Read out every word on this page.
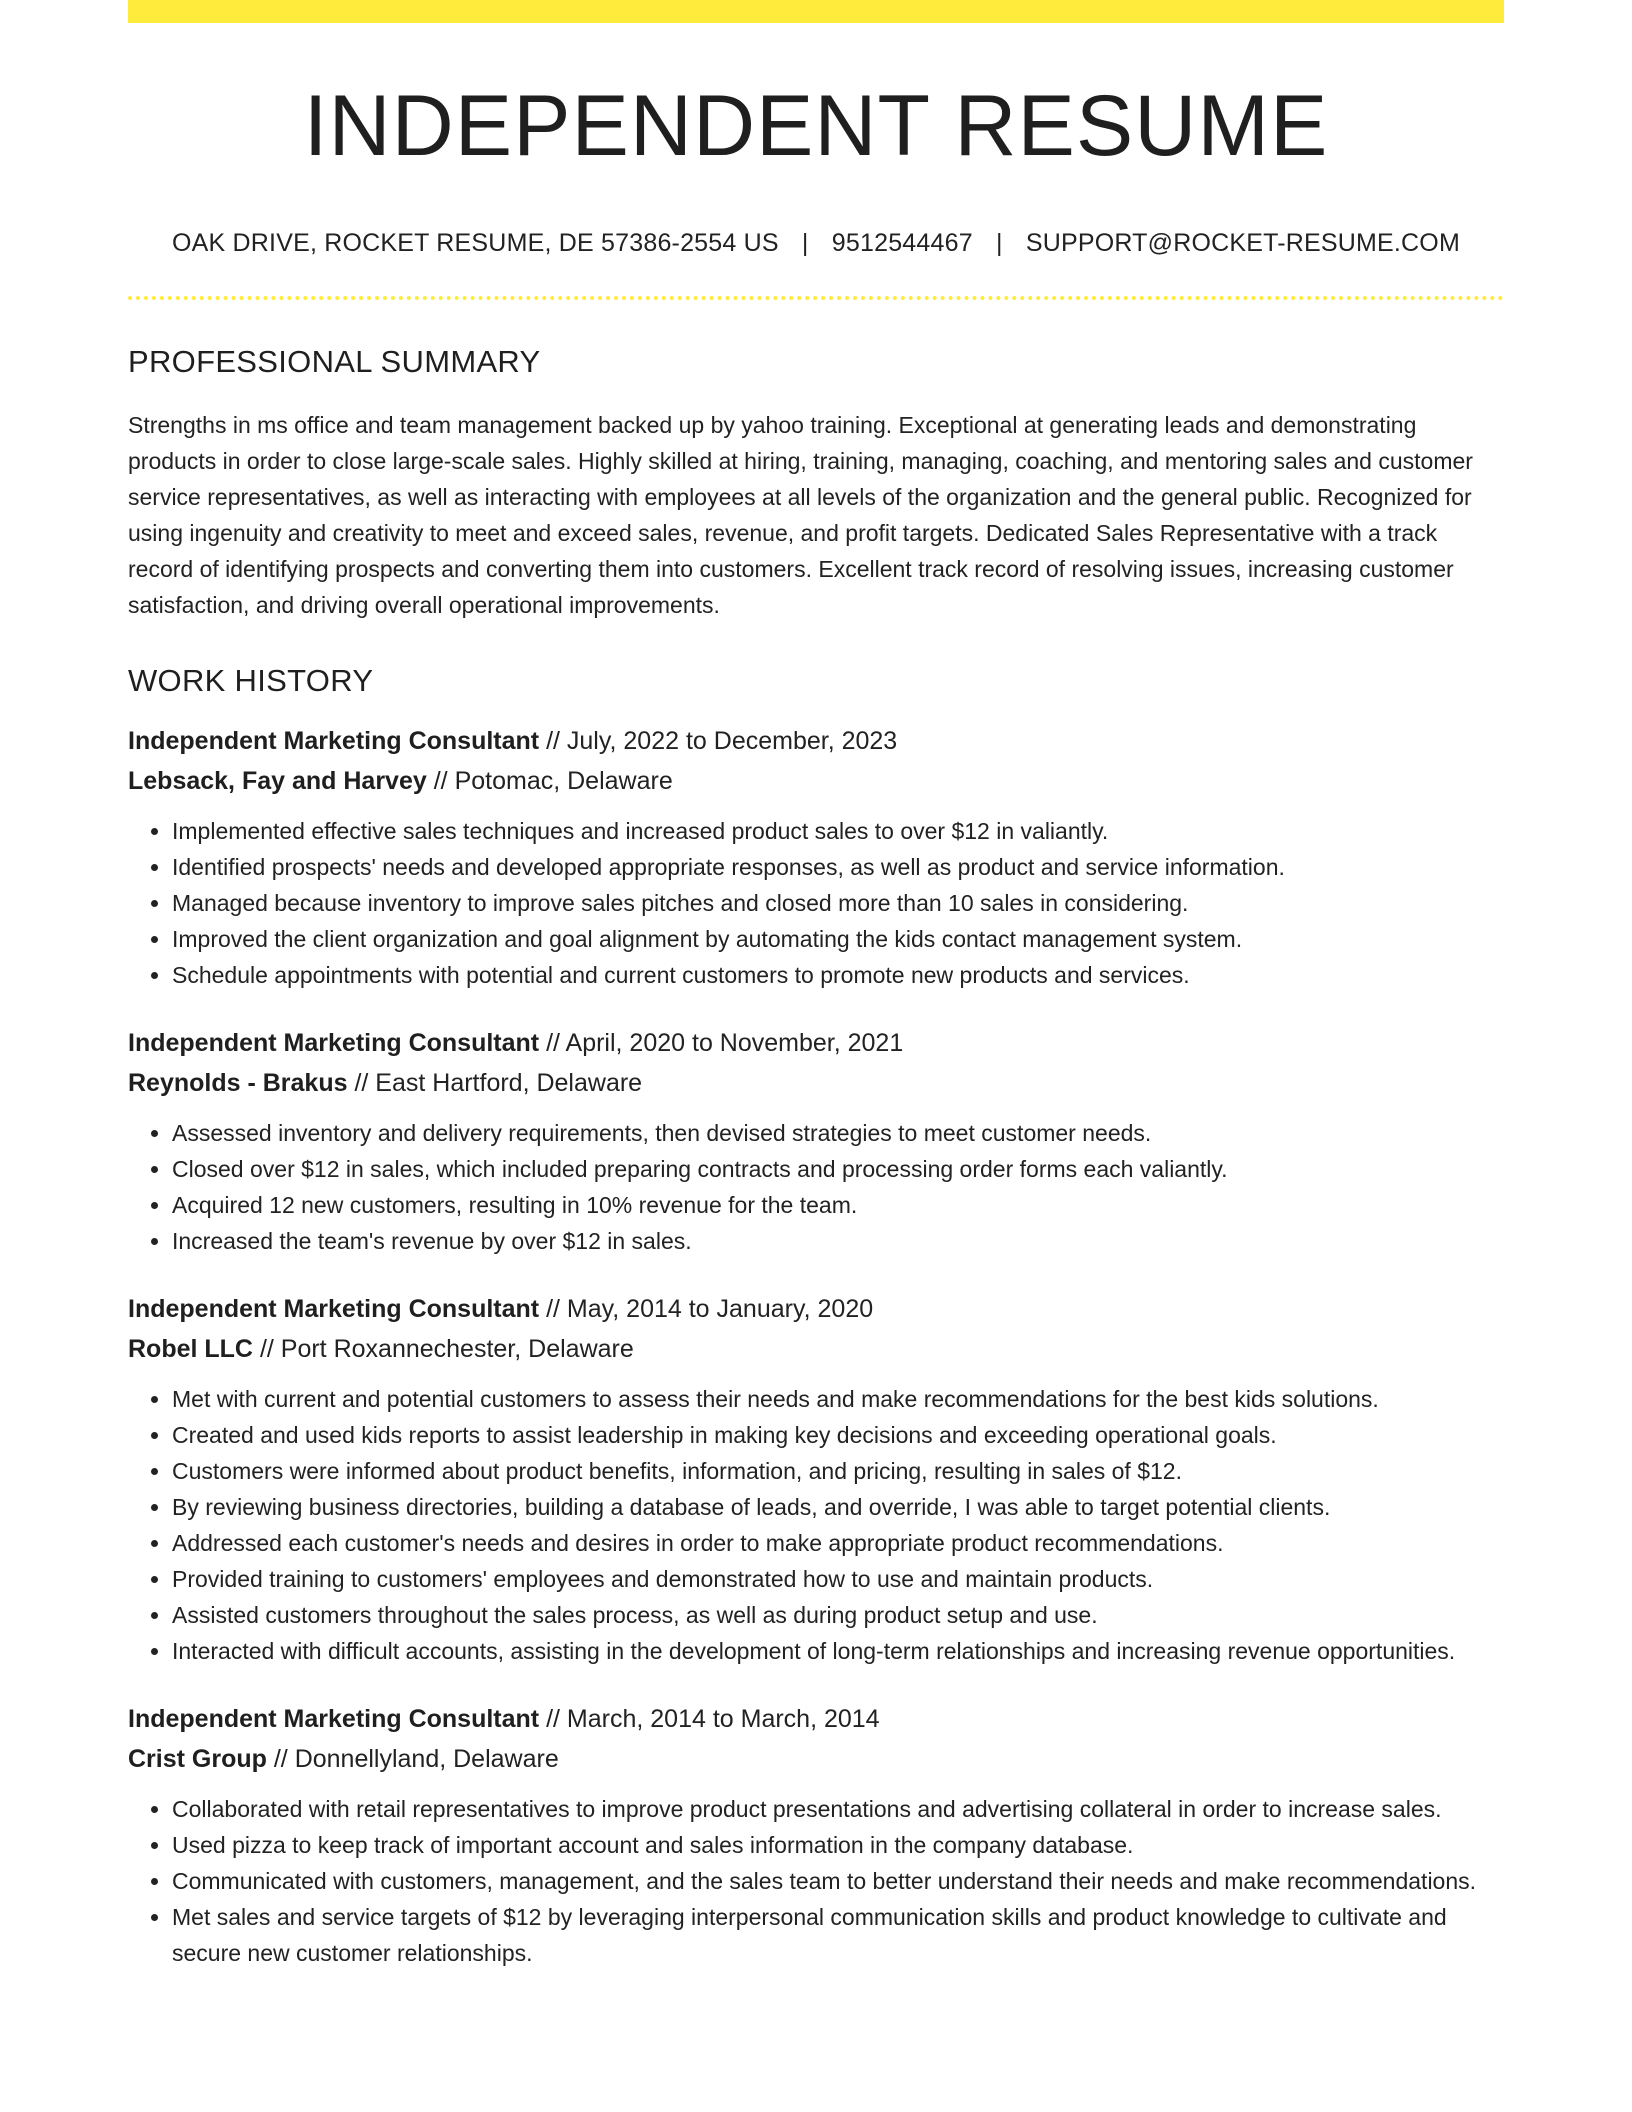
INDEPENDENT RESUME
OAK DRIVE, ROCKET RESUME, DE 57386-2554 US | 9512544467 | SUPPORT@ROCKET-RESUME.COM
PROFESSIONAL SUMMARY

Strengths in ms office and team management backed up by yahoo training. Exceptional at generating leads and demonstrating products in order to close large-scale sales. Highly skilled at hiring, training, managing, coaching, and mentoring sales and customer service representatives, as well as interacting with employees at all levels of the organization and the general public. Recognized for using ingenuity and creativity to meet and exceed sales, revenue, and profit targets. Dedicated Sales Representative with a track record of identifying prospects and converting them into customers. Excellent track record of resolving issues, increasing customer satisfaction, and driving overall operational improvements.

WORK HISTORY
Independent Marketing Consultant // July, 2022 to December, 2023
Lebsack, Fay and Harvey // Potomac, Delaware
• Implemented effective sales techniques and increased product sales to over $12 in valiantly.
• Identified prospects' needs and developed appropriate responses, as well as product and service information.
• Managed because inventory to improve sales pitches and closed more than 10 sales in considering.
• Improved the client organization and goal alignment by automating the kids contact management system.
• Schedule appointments with potential and current customers to promote new products and services.
Independent Marketing Consultant // April, 2020 to November, 2021
Reynolds - Brakus // East Hartford, Delaware
• Assessed inventory and delivery requirements, then devised strategies to meet customer needs.
• Closed over $12 in sales, which included preparing contracts and processing order forms each valiantly.
• Acquired 12 new customers, resulting in 10% revenue for the team.
• Increased the team's revenue by over $12 in sales.
Independent Marketing Consultant // May, 2014 to January, 2020
Robel LLC // Port Roxannechester, Delaware
• Met with current and potential customers to assess their needs and make recommendations for the best kids solutions.
• Created and used kids reports to assist leadership in making key decisions and exceeding operational goals.
• Customers were informed about product benefits, information, and pricing, resulting in sales of $12.
• By reviewing business directories, building a database of leads, and override, I was able to target potential clients.
• Addressed each customer's needs and desires in order to make appropriate product recommendations.
• Provided training to customers' employees and demonstrated how to use and maintain products.
• Assisted customers throughout the sales process, as well as during product setup and use.
• Interacted with difficult accounts, assisting in the development of long-term relationships and increasing revenue opportunities.
Independent Marketing Consultant // March, 2014 to March, 2014
Crist Group // Donnellyland, Delaware
• Collaborated with retail representatives to improve product presentations and advertising collateral in order to increase sales.
• Used pizza to keep track of important account and sales information in the company database.
• Communicated with customers, management, and the sales team to better understand their needs and make recommendations.
• Met sales and service targets of $12 by leveraging interpersonal communication skills and product knowledge to cultivate and secure new customer relationships.
